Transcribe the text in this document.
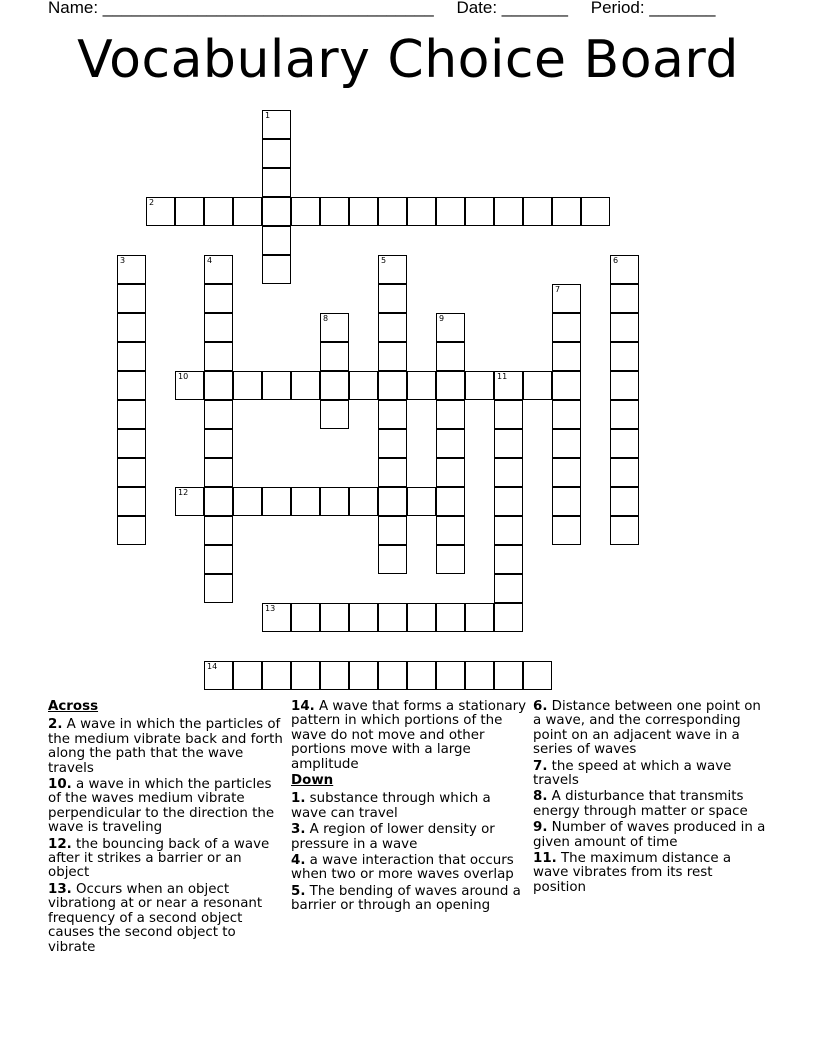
Name: ___________________________________ Date: _______ Period: _______
Vocabulary Choice Board
1
2
3	4	5	6
7
8	9
10	11
12
13
14
Across
2. A wave in which the particles of the medium vibrate back and forth along the path that the wave travels
10. a wave in which the particles of the waves medium vibrate perpendicular to the direction the wave is traveling
12. the bouncing back of a wave after it strikes a barrier or an object
13. Occurs when an object vibrationg at or near a resonant frequency of a second object causes the second object to vibrate
14. A wave that forms a stationary pattern in which portions of the wave do not move and other portions move with a large amplitude
Down
1. substance through which a wave can travel
3. A region of lower density or pressure in a wave
4. a wave interaction that occurs when two or more waves overlap
5. The bending of waves around a barrier or through an opening
6. Distance between one point on a wave, and the corresponding point on an adjacent wave in a series of waves
7. the speed at which a wave travels
8. A disturbance that transmits energy through matter or space
9. Number of waves produced in a given amount of time
11. The maximum distance a wave vibrates from its rest position
